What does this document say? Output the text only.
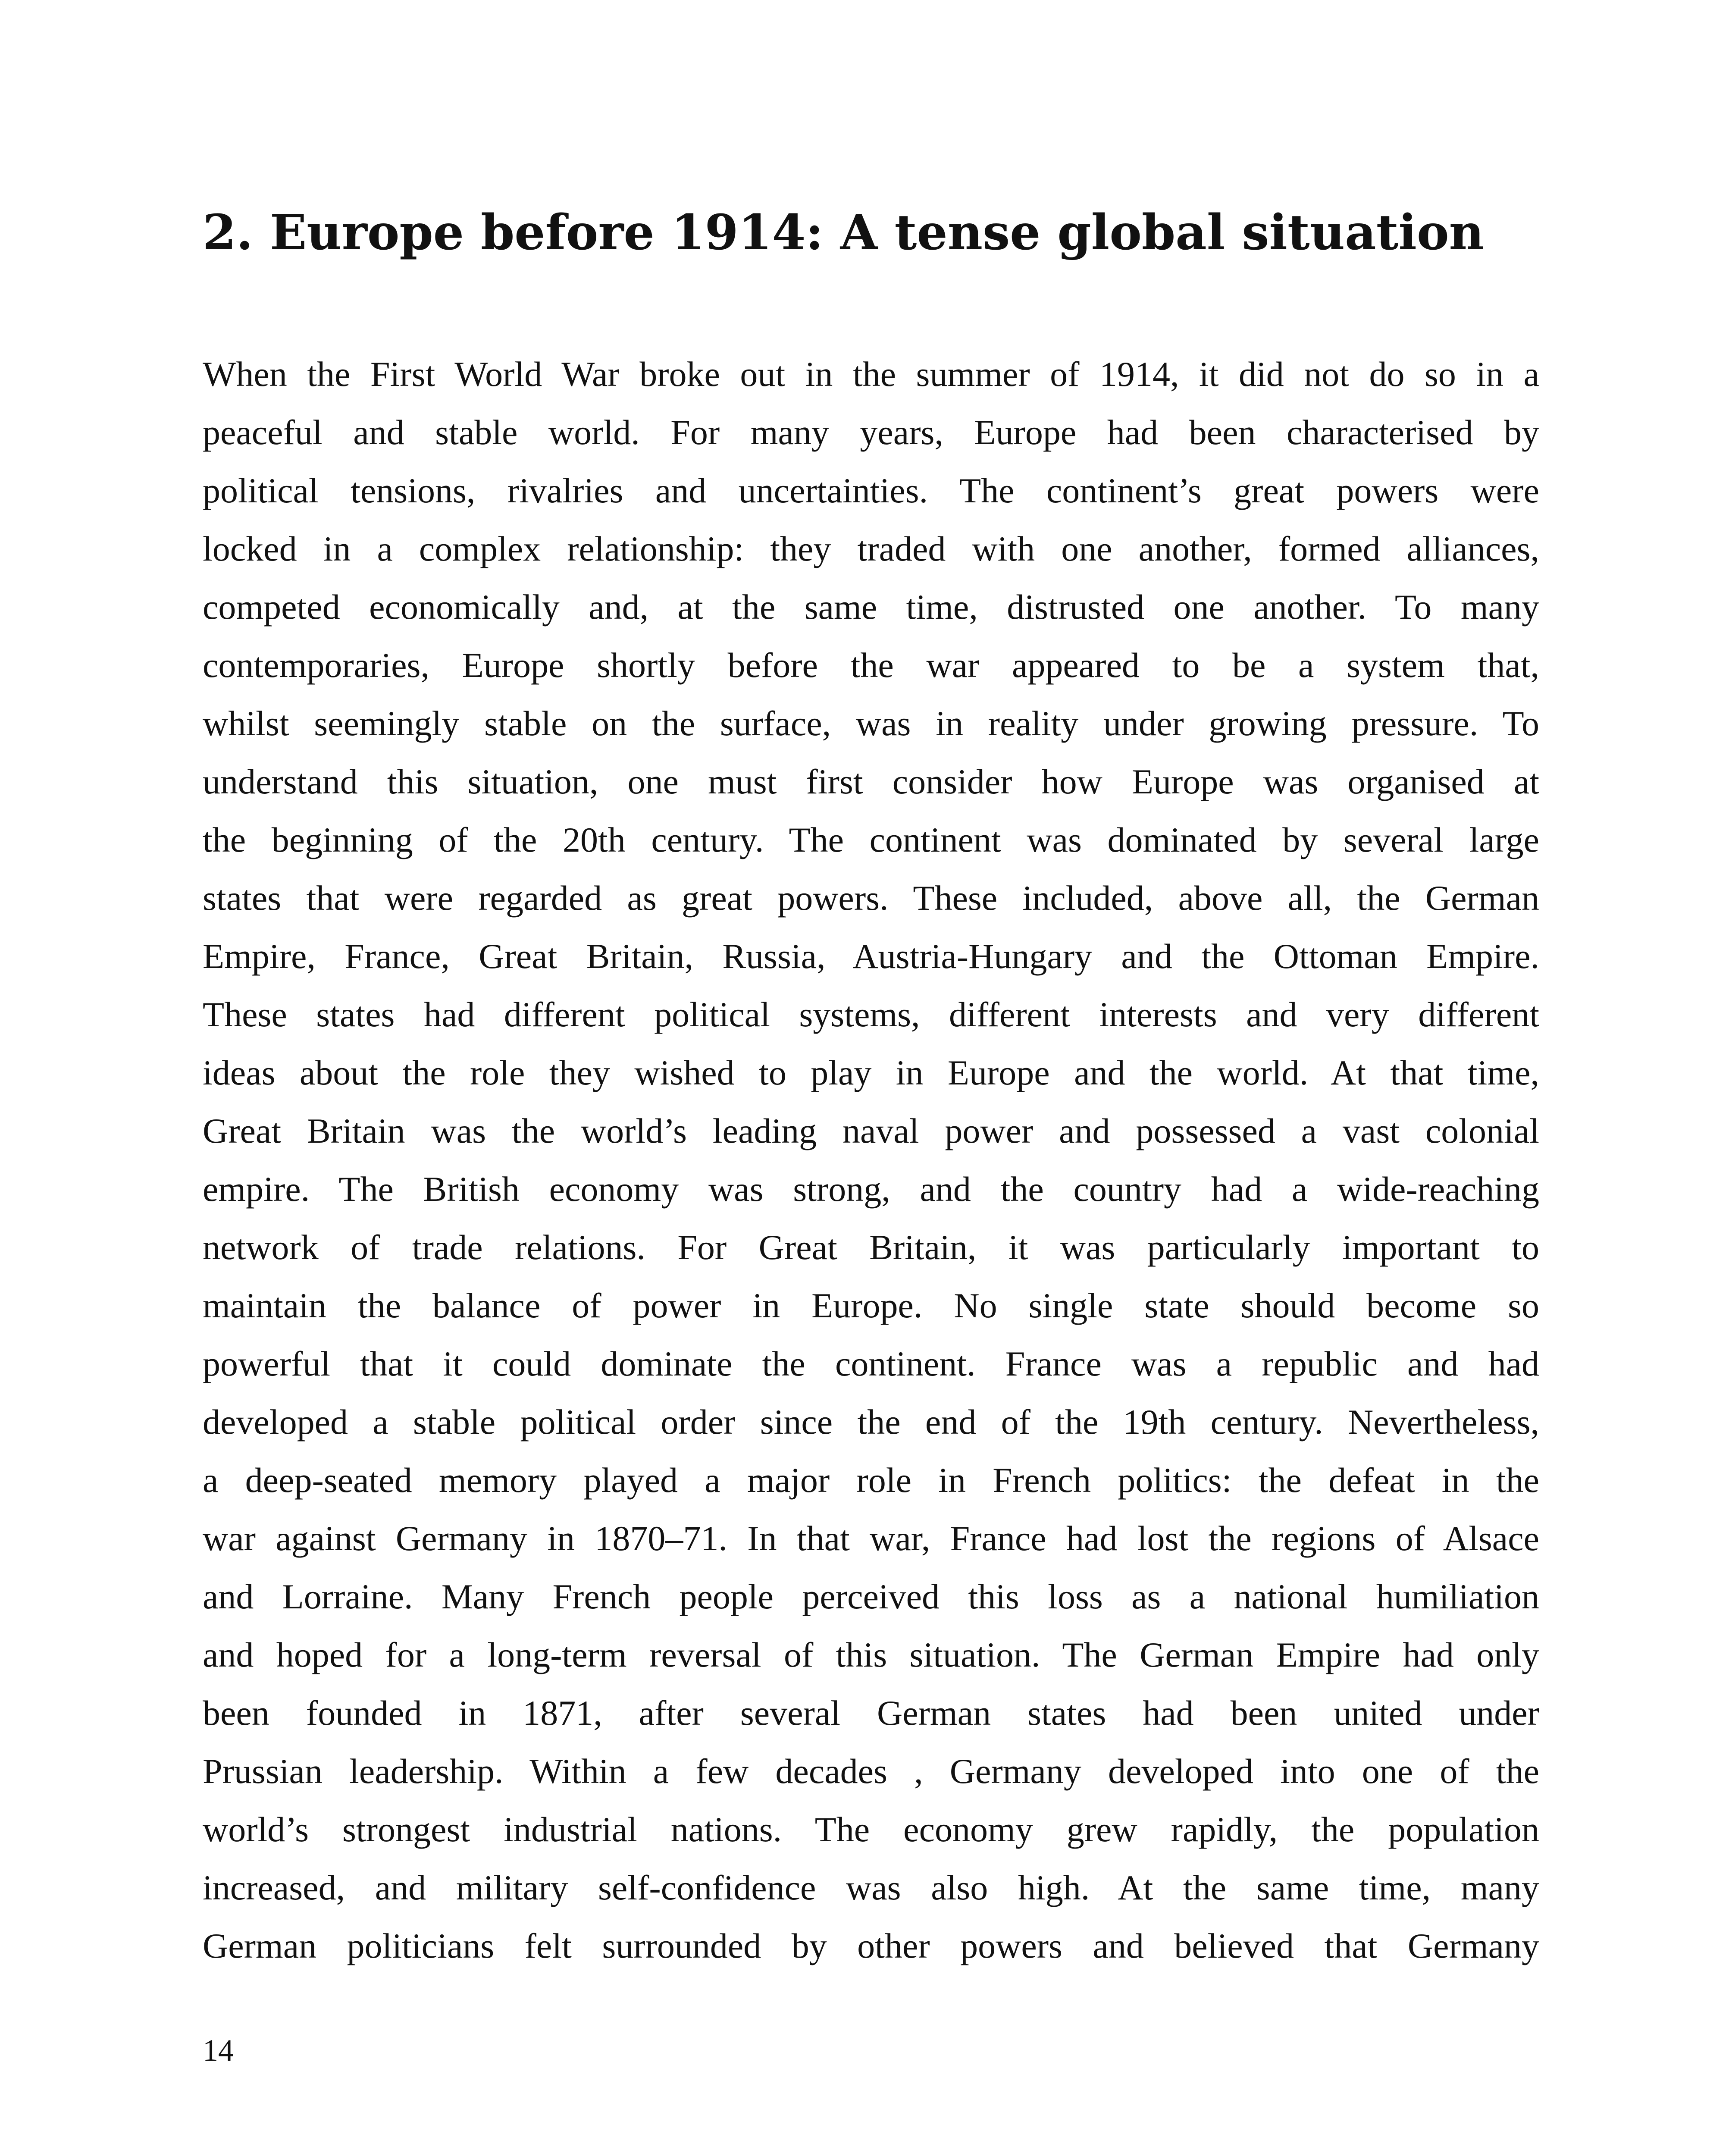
2. Europe before 1914: A tense global situation
When the First World War broke out in the summer of 1914, it did not do so in a
peaceful and stable world. For many years, Europe had been characterised by
political tensions, rivalries and uncertainties. The continent’s great powers were
locked in a complex relationship: they traded with one another, formed alliances,
competed economically and, at the same time, distrusted one another. To many
contemporaries, Europe shortly before the war appeared to be a system that,
whilst seemingly stable on the surface, was in reality under growing pressure. To
understand this situation, one must first consider how Europe was organised at
the beginning of the 20th century. The continent was dominated by several large
states that were regarded as great powers. These included, above all, the German
Empire, France, Great Britain, Russia, Austria-Hungary and the Ottoman Empire.
These states had different political systems, different interests and very different
ideas about the role they wished to play in Europe and the world. At that time,
Great Britain was the world’s leading naval power and possessed a vast colonial
empire. The British economy was strong, and the country had a wide-reaching
network of trade relations. For Great Britain, it was particularly important to
maintain the balance of power in Europe. No single state should become so
powerful that it could dominate the continent. France was a republic and had
developed a stable political order since the end of the 19th century. Nevertheless,
a deep-seated memory played a major role in French politics: the defeat in the
war against Germany in 1870–71. In that war, France had lost the regions of Alsace
and Lorraine. Many French people perceived this loss as a national humiliation
and hoped for a long-term reversal of this situation. The German Empire had only
been founded in 1871, after several German states had been united under
Prussian leadership. Within a few decades , Germany developed into one of the
world’s strongest industrial nations. The economy grew rapidly, the population
increased, and military self-confidence was also high. At the same time, many
German politicians felt surrounded by other powers and believed that Germany

14
